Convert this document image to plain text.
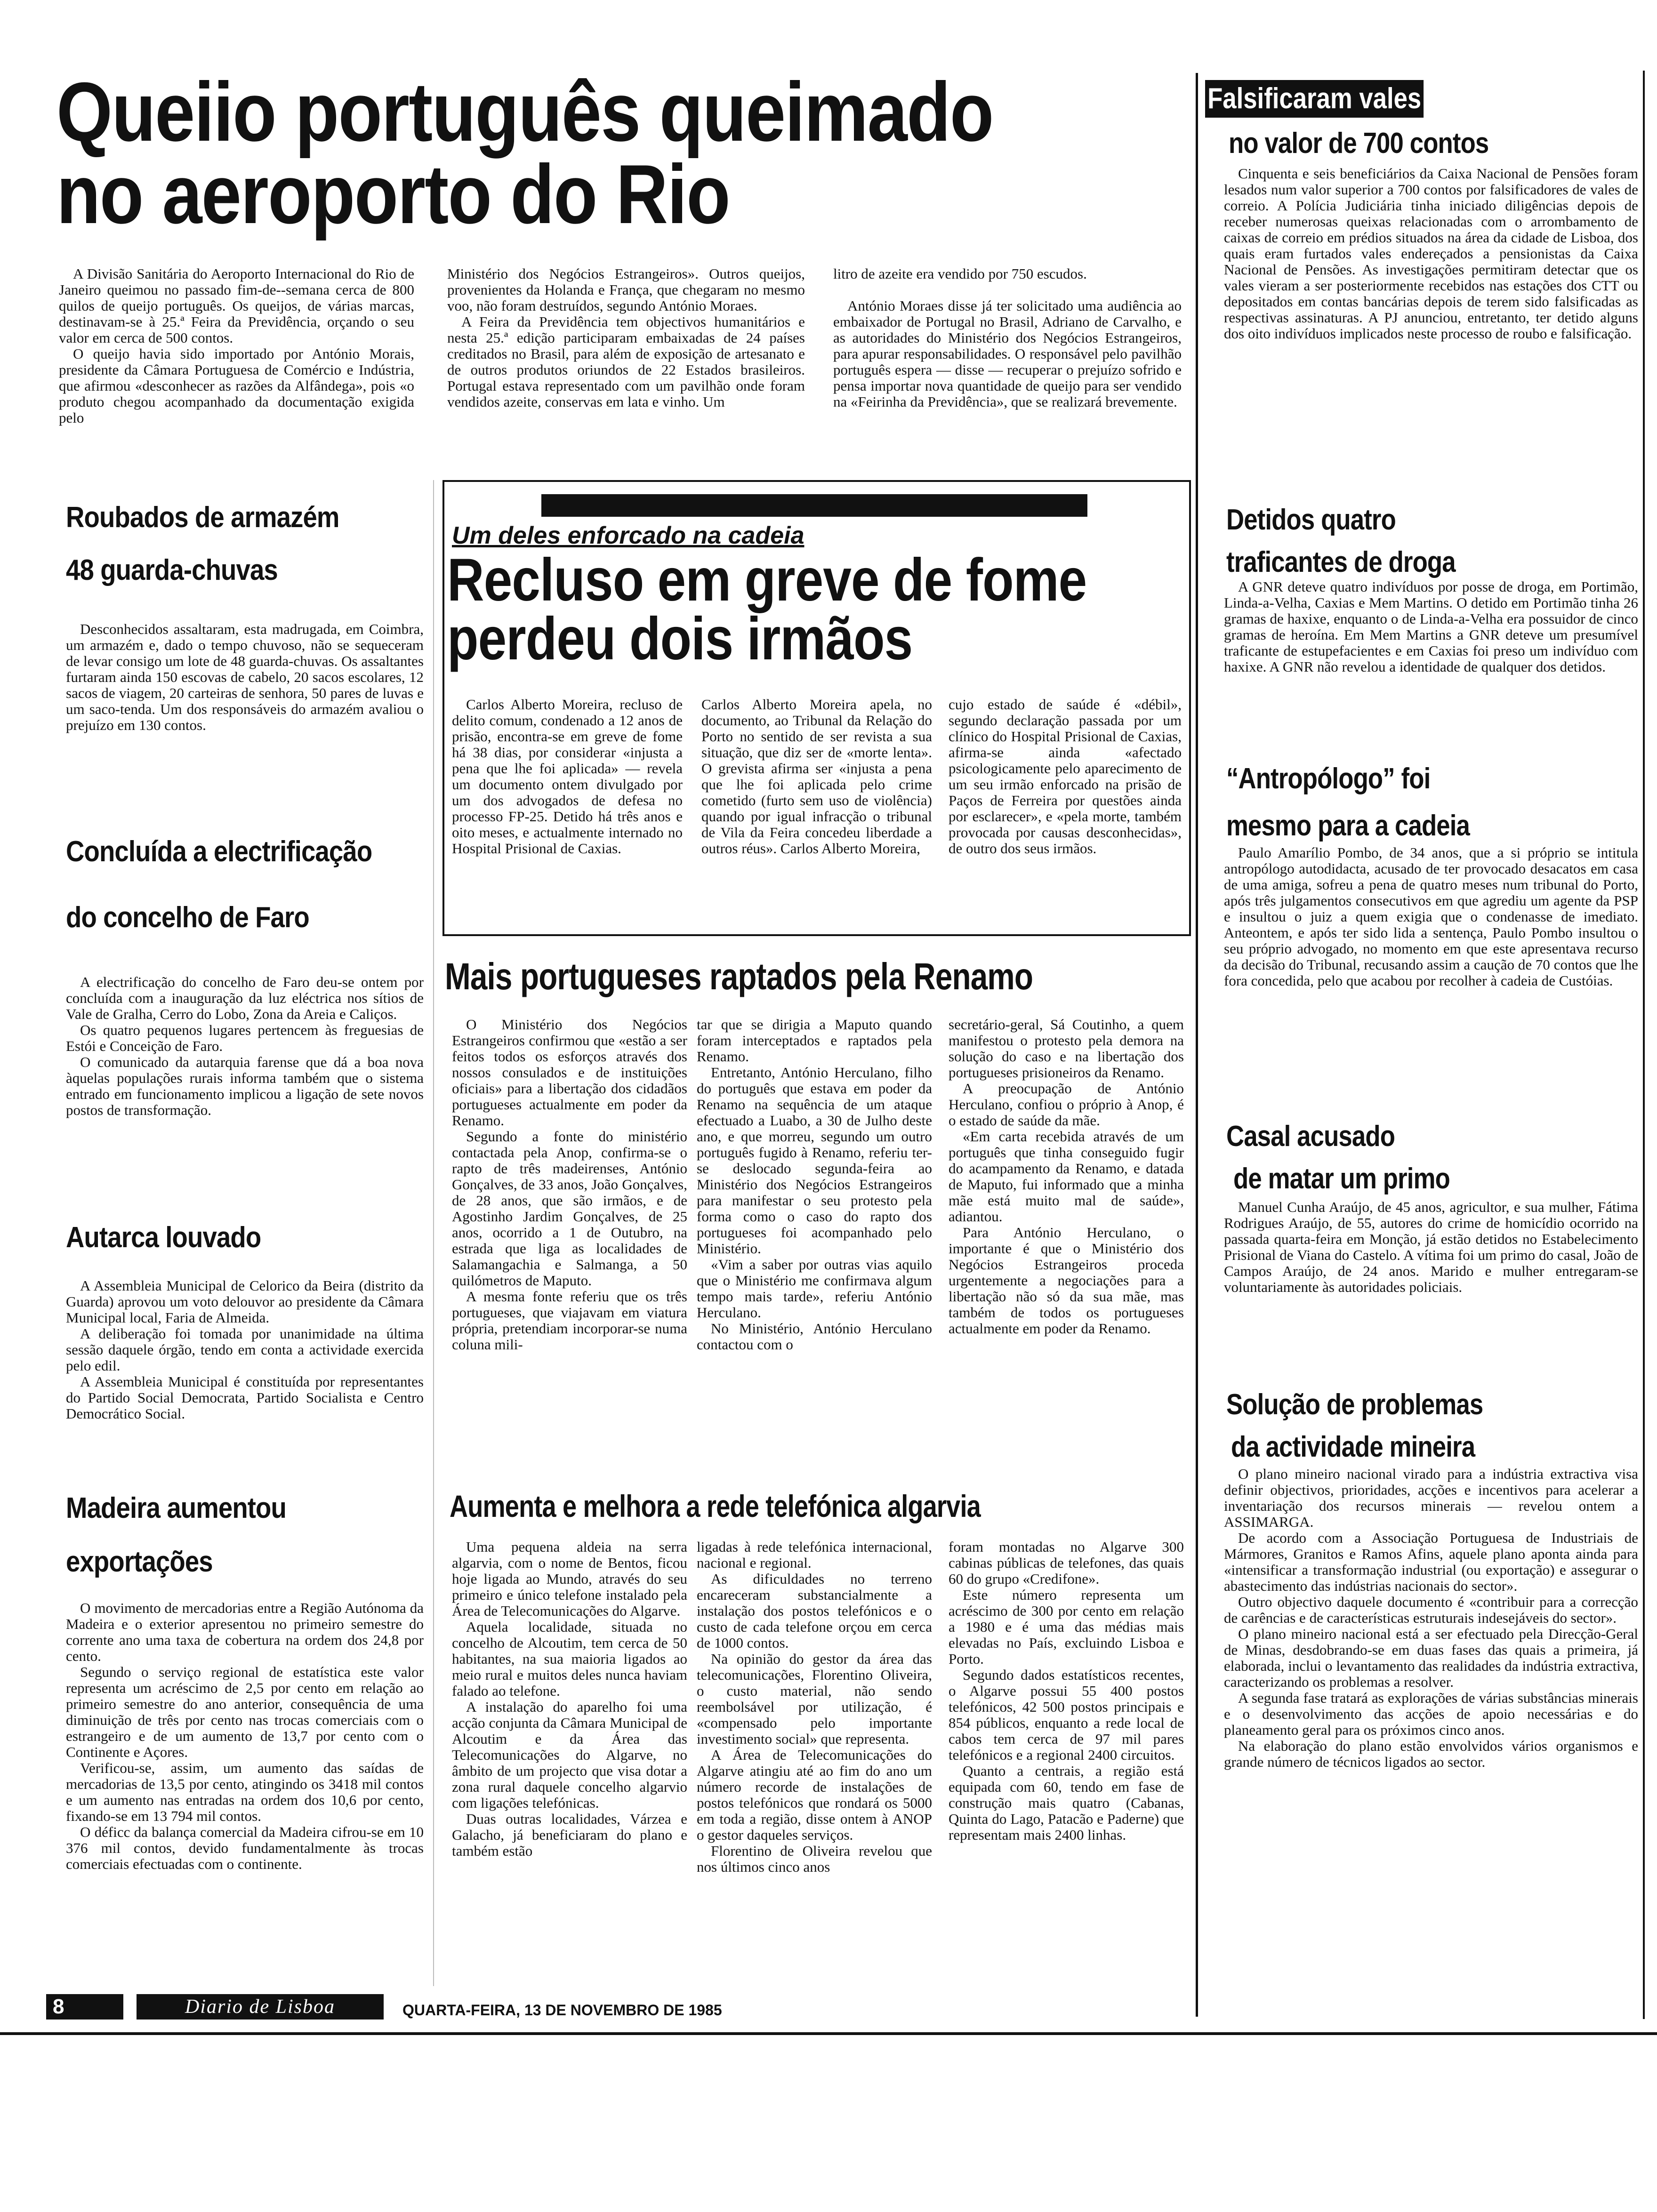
Queiio português queimado
no aeroporto do Rio

A Divisão Sanitária do Aeroporto Internacional do Rio de Janeiro queimou no passado fim-de--semana cerca de 800 quilos de queijo português. Os queijos, de várias marcas, destinavam-se à 25.ª Feira da Previdência, orçando o seu valor em cerca de 500 contos.

O queijo havia sido importado por António Morais, presidente da Câmara Portuguesa de Comércio e Indústria, que afirmou «desconhecer as razões da Alfândega», pois «o produto chegou acompanhado da documentação exigida pelo

Ministério dos Negócios Estrangeiros». Outros queijos, provenientes da Holanda e França, que chegaram no mesmo voo, não foram destruídos, segundo António Moraes.

A Feira da Previdência tem objectivos humanitários e nesta 25.ª edição participaram embaixadas de 24 países creditados no Brasil, para além de exposição de artesanato e de outros produtos oriundos de 22 Estados brasileiros. Portugal estava representado com um pavilhão onde foram vendidos azeite, conservas em lata e vinho. Um

litro de azeite era vendido por 750 escudos.

António Moraes disse já ter solicitado uma audiência ao embaixador de Portugal no Brasil, Adriano de Carvalho, e as autoridades do Ministério dos Negócios Estrangeiros, para apurar responsabilidades. O responsável pelo pavilhão português espera — disse — recuperar o prejuízo sofrido e pensa importar nova quantidade de queijo para ser vendido na «Feirinha da Previdência», que se realizará brevemente.

Roubados de armazém
48 guarda-chuvas

Desconhecidos assaltaram, esta madrugada, em Coimbra, um armazém e, dado o tempo chuvoso, não se sequeceram de levar consigo um lote de 48 guarda-chuvas. Os assaltantes furtaram ainda 150 escovas de cabelo, 20 sacos escolares, 12 sacos de viagem, 20 carteiras de senhora, 50 pares de luvas e um saco-tenda. Um dos responsáveis do armazém avaliou o prejuízo em 130 contos.

Concluída a electrificação
do concelho de Faro

A electrificação do concelho de Faro deu-se ontem por concluída com a inauguração da luz eléctrica nos sítios de Vale de Gralha, Cerro do Lobo, Zona da Areia e Caliços.

Os quatro pequenos lugares pertencem às freguesias de Estói e Conceição de Faro.

O comunicado da autarquia farense que dá a boa nova àquelas populações rurais informa também que o sistema entrado em funcionamento implicou a ligação de sete novos postos de transformação.

Autarca louvado

A Assembleia Municipal de Celorico da Beira (distrito da Guarda) aprovou um voto delouvor ao presidente da Câmara Municipal local, Faria de Almeida.

A deliberação foi tomada por unanimidade na última sessão daquele órgão, tendo em conta a actividade exercida pelo edil.

A Assembleia Municipal é constituída por representantes do Partido Social Democrata, Partido Socialista e Centro Democrático Social.

Madeira aumentou
exportações

O movimento de mercadorias entre a Região Autónoma da Madeira e o exterior apresentou no primeiro semestre do corrente ano uma taxa de cobertura na ordem dos 24,8 por cento.

Segundo o serviço regional de estatística este valor representa um acréscimo de 2,5 por cento em relação ao primeiro semestre do ano anterior, consequência de uma diminuição de três por cento nas trocas comerciais com o estrangeiro e de um aumento de 13,7 por cento com o Continente e Açores.

Verificou-se, assim, um aumento das saídas de mercadorias de 13,5 por cento, atingindo os 3418 mil contos e um aumento nas entradas na ordem dos 10,6 por cento, fixando-se em 13 794 mil contos.

O déficc da balança comercial da Madeira cifrou-se em 10 376 mil contos, devido fundamentalmente às trocas comerciais efectuadas com o continente.

Um deles enforcado na cadeia
Recluso em greve de fome
perdeu dois irmãos

Carlos Alberto Moreira, recluso de delito comum, condenado a 12 anos de prisão, encontra-se em greve de fome há 38 dias, por considerar «injusta a pena que lhe foi aplicada» — revela um documento ontem divulgado por um dos advogados de defesa no processo FP-25. Detido há três anos e oito meses, e actualmente internado no Hospital Prisional de Caxias.

Carlos Alberto Moreira apela, no documento, ao Tribunal da Relação do Porto no sentido de ser revista a sua situação, que diz ser de «morte lenta». O grevista afirma ser «injusta a pena que lhe foi aplicada pelo crime cometido (furto sem uso de violência) quando por igual infracção o tribunal de Vila da Feira concedeu liberdade a outros réus». Carlos Alberto Moreira,

cujo estado de saúde é «débil», segundo declaração passada por um clínico do Hospital Prisional de Caxias, afirma-se ainda «afectado psicologicamente pelo aparecimento de um seu irmão enforcado na prisão de Paços de Ferreira por questões ainda por esclarecer», e «pela morte, também provocada por causas desconhecidas», de outro dos seus irmãos.

Mais portugueses raptados pela Renamo

O Ministério dos Negócios Estrangeiros confirmou que «estão a ser feitos todos os esforços através dos nossos consulados e de instituições oficiais» para a libertação dos cidadãos portugueses actualmente em poder da Renamo.

Segundo a fonte do ministério contactada pela Anop, confirma-se o rapto de três madeirenses, António Gonçalves, de 33 anos, João Gonçalves, de 28 anos, que são irmãos, e de Agostinho Jardim Gonçalves, de 25 anos, ocorrido a 1 de Outubro, na estrada que liga as localidades de Salamangachia e Salmanga, a 50 quilómetros de Maputo.

A mesma fonte referiu que os três portugueses, que viajavam em viatura própria, pretendiam incorporar-se numa coluna mili-

tar que se dirigia a Maputo quando foram interceptados e raptados pela Renamo.

Entretanto, António Herculano, filho do português que estava em poder da Renamo na sequência de um ataque efectuado a Luabo, a 30 de Julho deste ano, e que morreu, segundo um outro português fugido à Renamo, referiu ter-se deslocado segunda-feira ao Ministério dos Negócios Estrangeiros para manifestar o seu protesto pela forma como o caso do rapto dos portugueses foi acompanhado pelo Ministério.

«Vim a saber por outras vias aquilo que o Ministério me confirmava algum tempo mais tarde», referiu António Herculano.

No Ministério, António Herculano contactou com o

secretário-geral, Sá Coutinho, a quem manifestou o protesto pela demora na solução do caso e na libertação dos portugueses prisioneiros da Renamo.

A preocupação de António Herculano, confiou o próprio à Anop, é o estado de saúde da mãe.

«Em carta recebida através de um português que tinha conseguido fugir do acampamento da Renamo, e datada de Maputo, fui informado que a minha mãe está muito mal de saúde», adiantou.

Para António Herculano, o importante é que o Ministério dos Negócios Estrangeiros proceda urgentemente a negociações para a libertação não só da sua mãe, mas também de todos os portugueses actualmente em poder da Renamo.

Aumenta e melhora a rede telefónica algarvia

Uma pequena aldeia na serra algarvia, com o nome de Bentos, ficou hoje ligada ao Mundo, através do seu primeiro e único telefone instalado pela Área de Telecomunicações do Algarve.

Aquela localidade, situada no concelho de Alcoutim, tem cerca de 50 habitantes, na sua maioria ligados ao meio rural e muitos deles nunca haviam falado ao telefone.

A instalação do aparelho foi uma acção conjunta da Câmara Municipal de Alcoutim e da Área das Telecomunicações do Algarve, no âmbito de um projecto que visa dotar a zona rural daquele concelho algarvio com ligações telefónicas.

Duas outras localidades, Várzea e Galacho, já beneficiaram do plano e também estão

ligadas à rede telefónica internacional, nacional e regional.

As dificuldades no terreno encareceram substancialmente a instalação dos postos telefónicos e o custo de cada telefone orçou em cerca de 1000 contos.

Na opinião do gestor da área das telecomunicações, Florentino Oliveira, o custo material, não sendo reembolsável por utilização, é «compensado pelo importante investimento social» que representa.

A Área de Telecomunicações do Algarve atingiu até ao fim do ano um número recorde de instalações de postos telefónicos que rondará os 5000 em toda a região, disse ontem à ANOP o gestor daqueles serviços.

Florentino de Oliveira revelou que nos últimos cinco anos

foram montadas no Algarve 300 cabinas públicas de telefones, das quais 60 do grupo «Credifone».

Este número representa um acréscimo de 300 por cento em relação a 1980 e é uma das médias mais elevadas no País, excluindo Lisboa e Porto.

Segundo dados estatísticos recentes, o Algarve possui 55 400 postos telefónicos, 42 500 postos principais e 854 públicos, enquanto a rede local de cabos tem cerca de 97 mil pares telefónicos e a regional 2400 circuitos.

Quanto a centrais, a região está equipada com 60, tendo em fase de construção mais quatro (Cabanas, Quinta do Lago, Patacão e Paderne) que representam mais 2400 linhas.

Falsificaram vales
no valor de 700 contos

Cinquenta e seis beneficiários da Caixa Nacional de Pensões foram lesados num valor superior a 700 contos por falsificadores de vales de correio. A Polícia Judiciária tinha iniciado diligências depois de receber numerosas queixas relacionadas com o arrombamento de caixas de correio em prédios situados na área da cidade de Lisboa, dos quais eram furtados vales endereçados a pensionistas da Caixa Nacional de Pensões. As investigações permitiram detectar que os vales vieram a ser posteriormente recebidos nas estações dos CTT ou depositados em contas bancárias depois de terem sido falsificadas as respectivas assinaturas. A PJ anunciou, entretanto, ter detido alguns dos oito indivíduos implicados neste processo de roubo e falsificação.

Detidos quatro
traficantes de droga

A GNR deteve quatro indivíduos por posse de droga, em Portimão, Linda-a-Velha, Caxias e Mem Martins. O detido em Portimão tinha 26 gramas de haxixe, enquanto o de Linda-a-Velha era possuidor de cinco gramas de heroína. Em Mem Martins a GNR deteve um presumível traficante de estupefacientes e em Caxias foi preso um indivíduo com haxixe. A GNR não revelou a identidade de qualquer dos detidos.

“Antropólogo” foi
mesmo para a cadeia

Paulo Amarílio Pombo, de 34 anos, que a si próprio se intitula antropólogo autodidacta, acusado de ter provocado desacatos em casa de uma amiga, sofreu a pena de quatro meses num tribunal do Porto, após três julgamentos consecutivos em que agrediu um agente da PSP e insultou o juiz a quem exigia que o condenasse de imediato. Anteontem, e após ter sido lida a sentença, Paulo Pombo insultou o seu próprio advogado, no momento em que este apresentava recurso da decisão do Tribunal, recusando assim a caução de 70 contos que lhe fora concedida, pelo que acabou por recolher à cadeia de Custóias.

Casal acusado
de matar um primo

Manuel Cunha Araújo, de 45 anos, agricultor, e sua mulher, Fátima Rodrigues Araújo, de 55, autores do crime de homicídio ocorrido na passada quarta-feira em Monção, já estão detidos no Estabelecimento Prisional de Viana do Castelo. A vítima foi um primo do casal, João de Campos Araújo, de 24 anos. Marido e mulher entregaram-se voluntariamente às autoridades policiais.

Solução de problemas
da actividade mineira

O plano mineiro nacional virado para a indústria extractiva visa definir objectivos, prioridades, acções e incentivos para acelerar a inventariação dos recursos minerais — revelou ontem a ASSIMARGA.

De acordo com a Associação Portuguesa de Industriais de Mármores, Granitos e Ramos Afins, aquele plano aponta ainda para «intensificar a transformação industrial (ou exportação) e assegurar o abastecimento das indústrias nacionais do sector».

Outro objectivo daquele documento é «contribuir para a correcção de carências e de características estruturais indesejáveis do sector».

O plano mineiro nacional está a ser efectuado pela Direcção-Geral de Minas, desdobrando-se em duas fases das quais a primeira, já elaborada, inclui o levantamento das realidades da indústria extractiva, caracterizando os problemas a resolver.

A segunda fase tratará as explorações de várias substâncias minerais e o desenvolvimento das acções de apoio necessárias e do planeamento geral para os próximos cinco anos.

Na elaboração do plano estão envolvidos vários organismos e grande número de técnicos ligados ao sector.

8	Diario de Lisboa	QUARTA-FEIRA, 13 DE NOVEMBRO DE 1985
